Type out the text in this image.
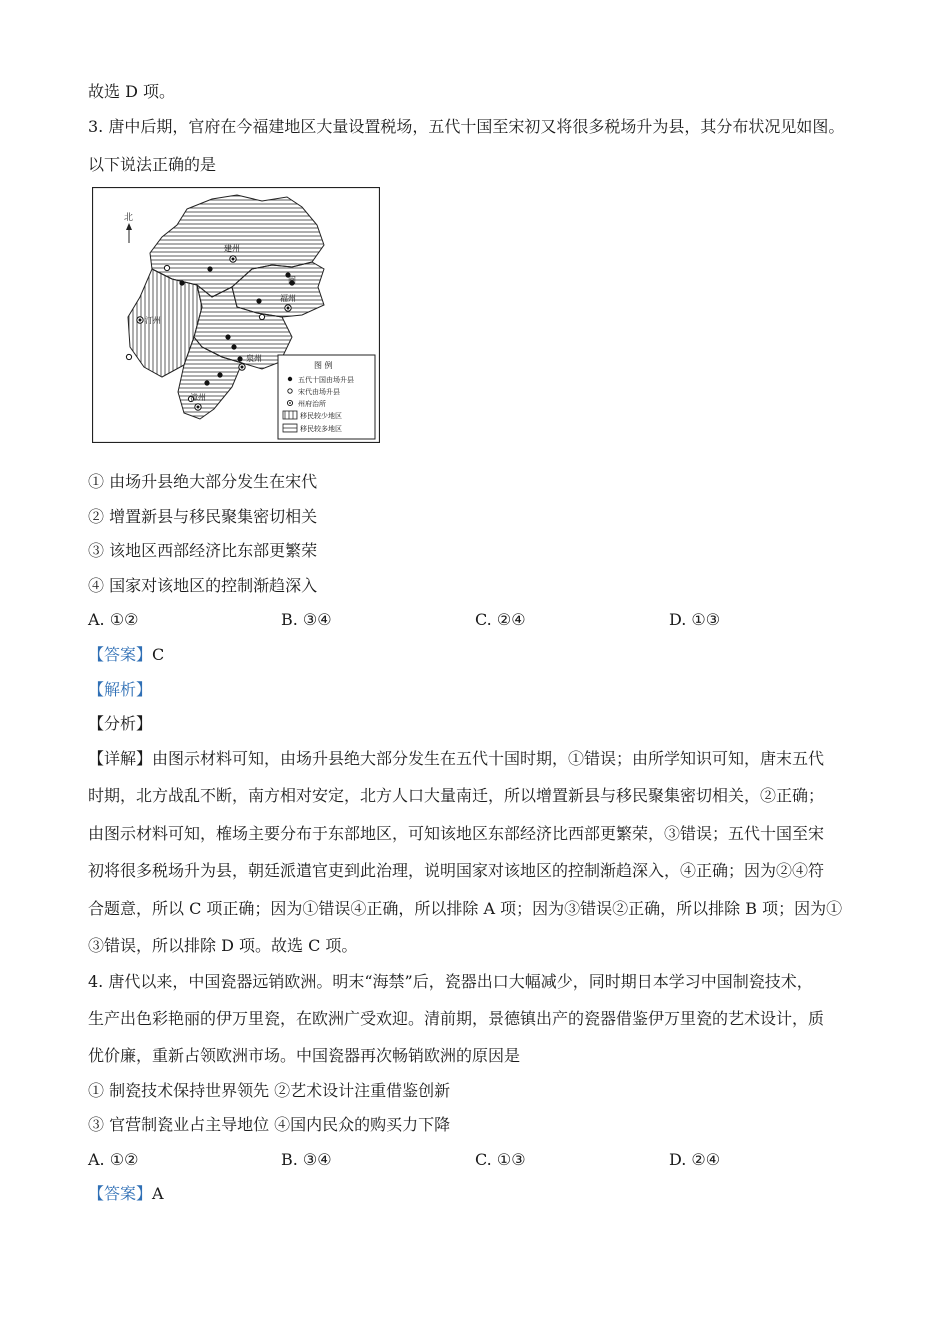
故选 D 项。
3. 唐中后期，官府在今福建地区大量设置税场，五代十国至宋初又将很多税场升为县，其分布状况见如图。
以下说法正确的是
北
建州
福州
汀州
泉州
漳州
闽
图 例
五代十国由场升县
宋代由场升县
州府治所
移民较少地区
移民较多地区
① 由场升县绝大部分发生在宋代
② 增置新县与移民聚集密切相关
③ 该地区西部经济比东部更繁荣
④ 国家对该地区的控制渐趋深入
A. ①②	B. ③④	C. ②④	D. ①③
【答案】C
【解析】
【分析】
【详解】由图示材料可知，由场升县绝大部分发生在五代十国时期，①错误；由所学知识可知，唐末五代
时期，北方战乱不断，南方相对安定，北方人口大量南迁，所以增置新县与移民聚集密切相关，②正确；
由图示材料可知，榷场主要分布于东部地区，可知该地区东部经济比西部更繁荣，③错误；五代十国至宋
初将很多税场升为县，朝廷派遣官吏到此治理，说明国家对该地区的控制渐趋深入，④正确；因为②④符
合题意，所以 C 项正确；因为①错误④正确，所以排除 A 项；因为③错误②正确，所以排除 B 项；因为①
③错误，所以排除 D 项。故选 C 项。
4. 唐代以来，中国瓷器远销欧洲。明末“海禁”后，瓷器出口大幅减少，同时期日本学习中国制瓷技术，
生产出色彩艳丽的伊万里瓷，在欧洲广受欢迎。清前期，景德镇出产的瓷器借鉴伊万里瓷的艺术设计，质
优价廉，重新占领欧洲市场。中国瓷器再次畅销欧洲的原因是
① 制瓷技术保持世界领先 ②艺术设计注重借鉴创新
③ 官营制瓷业占主导地位 ④国内民众的购买力下降
A. ①②	B. ③④	C. ①③	D. ②④
【答案】A
